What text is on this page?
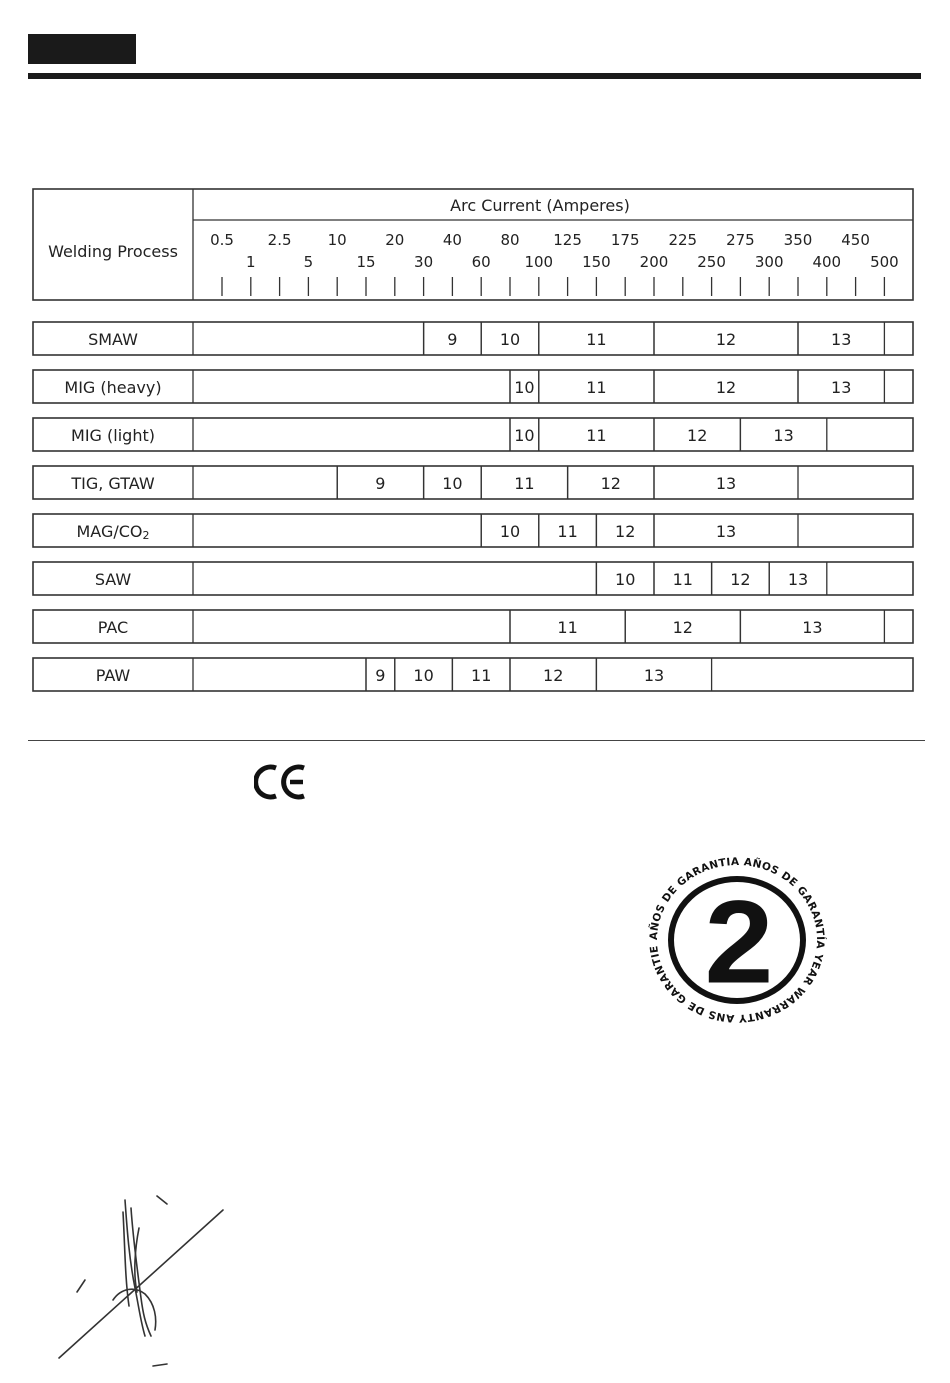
Welding Process
Arc Current (Amperes)
0.5 2.5 10	20	40	80 125 175 225 275 350 450
1	5	15	30	60 100 150 200 250 300 400 500
SMAW	9	10	11	12	13
MIG (heavy)	10	11	12	13
MIG (light)	10	11	12	13
TIG, GTAW	9	10	11	12	13
MAG/CO2	10 11 12	13
SAW	10 11 12 13
PAC	11	12	13
PAW	9 10 11	12	13
2
AÑOS DE GARANTIA AÑOS DE GARANTÍA YEAR WARRANTY ANS DE GARANTIE
